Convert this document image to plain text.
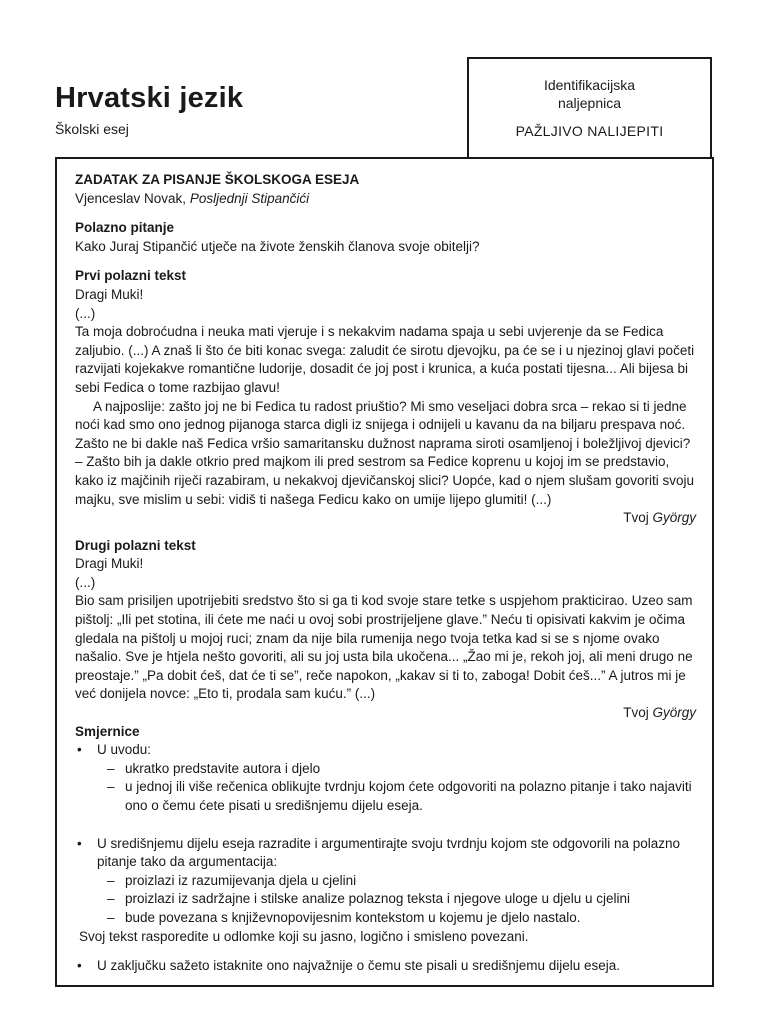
Hrvatski jezik
Školski esej
Identifikacijska
naljepnica
PAŽLJIVO NALIJEPITI

ZADATAK ZA PISANJE ŠKOLSKOGA ESEJA

Vjenceslav Novak, Posljednji Stipančići

Polazno pitanje

Kako Juraj Stipančić utječe na živote ženskih članova svoje obitelji?

Prvi polazni tekst

Dragi Muki!

(...)

Ta moja dobroćudna i neuka mati vjeruje i s nekakvim nadama spaja u sebi uvjerenje da se Fedica zaljubio. (...) A znaš li što će biti konac svega: zaludit će sirotu djevojku, pa će se i u njezinoj glavi početi razvijati kojekakve romantične ludorije, dosadit će joj post i krunica, a kuća postati tijesna... Ali bijesa bi sebi Fedica o tome razbijao glavu!

A najposlije: zašto joj ne bi Fedica tu radost priuštio? Mi smo veseljaci dobra srca – rekao si ti jedne noći kad smo ono jednog pijanoga starca digli iz snijega i odnijeli u kavanu da na biljaru prespava noć. Zašto ne bi dakle naš Fedica vršio samaritansku dužnost naprama siroti osamljenoj i boležljivoj djevici? – Zašto bih ja dakle otkrio pred majkom ili pred sestrom sa Fedice koprenu u kojoj im se predstavio, kako iz majčinih riječi razabiram, u nekakvoj djevičanskoj slici? Uopće, kad o njem slušam govoriti svoju majku, sve mislim u sebi: vidiš ti našega Fedicu kako on umije lijepo glumiti! (...)

Tvoj György

Drugi polazni tekst

Dragi Muki!

(...)

Bio sam prisiljen upotrijebiti sredstvo što si ga ti kod svoje stare tetke s uspjehom prakticirao. Uzeo sam pištolj: „Ili pet stotina, ili ćete me naći u ovoj sobi prostrijeljene glave.” Neću ti opisivati kakvim je očima gledala na pištolj u mojoj ruci; znam da nije bila rumenija nego tvoja tetka kad si se s njome ovako našalio. Sve je htjela nešto govoriti, ali su joj usta bila ukočena... „Žao mi je, rekoh joj, ali meni drugo ne preostaje.” „Pa dobit ćeš, dat će ti se”, reče napokon, „kakav si ti to, zaboga! Dobit ćeš...” A jutros mi je već donijela novce: „Eto ti, prodala sam kuću.” (...)

Tvoj György

Smjernice

• U uvodu:
– ukratko predstavite autora i djelo
– u jednoj ili više rečenica oblikujte tvrdnju kojom ćete odgovoriti na polazno pitanje i tako najaviti ono o čemu ćete pisati u središnjemu dijelu eseja.
• U središnjemu dijelu eseja razradite i argumentirajte svoju tvrdnju kojom ste odgovorili na polazno pitanje tako da argumentacija:
– proizlazi iz razumijevanja djela u cjelini
– proizlazi iz sadržajne i stilske analize polaznog teksta i njegove uloge u djelu u cjelini
– bude povezana s književnopovijesnim kontekstom u kojemu je djelo nastalo.

Svoj tekst rasporedite u odlomke koji su jasno, logično i smisleno povezani.

• U zaključku sažeto istaknite ono najvažnije o čemu ste pisali u središnjemu dijelu eseja.
